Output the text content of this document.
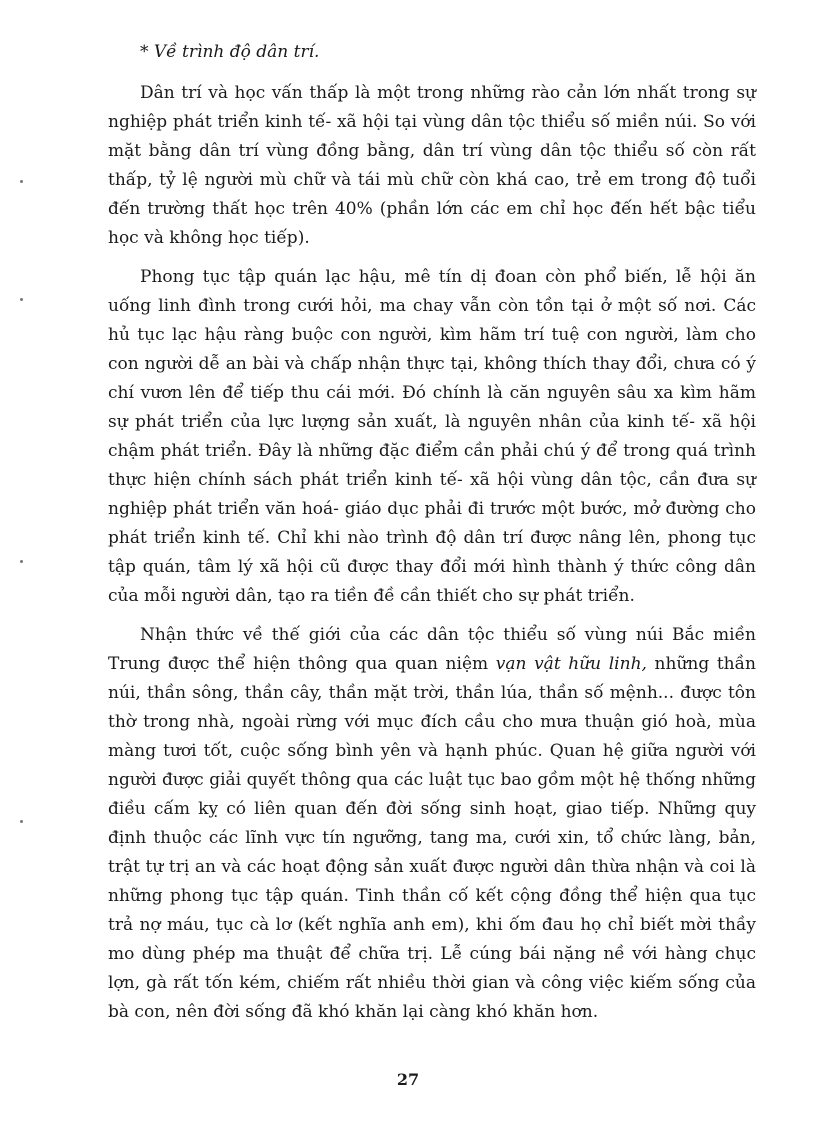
* Về trình độ dân trí.

Dân trí và học vấn thấp là một trong những rào cản lớn nhất trong sự nghiệp phát triển kinh tế- xã hội tại vùng dân tộc thiểu số miền núi. So với mặt bằng dân trí vùng đồng bằng, dân trí vùng dân tộc thiểu số còn rất thấp, tỷ lệ người mù chữ và tái mù chữ còn khá cao, trẻ em trong độ tuổi đến trường thất học trên 40% (phần lớn các em chỉ học đến hết bậc tiểu học và không học tiếp).

Phong tục tập quán lạc hậu, mê tín dị đoan còn phổ biến, lễ hội ăn uống linh đình trong cưới hỏi, ma chay vẫn còn tồn tại ở một số nơi. Các hủ tục lạc hậu ràng buộc con người, kìm hãm trí tuệ con người, làm cho con người dễ an bài và chấp nhận thực tại, không thích thay đổi, chưa có ý chí vươn lên để tiếp thu cái mới. Đó chính là căn nguyên sâu xa kìm hãm sự phát triển của lực lượng sản xuất, là nguyên nhân của kinh tế- xã hội chậm phát triển. Đây là những đặc điểm cần phải chú ý để trong quá trình thực hiện chính sách phát triển kinh tế- xã hội vùng dân tộc, cần đưa sự nghiệp phát triển văn hoá- giáo dục phải đi trước một bước, mở đường cho phát triển kinh tế. Chỉ khi nào trình độ dân trí được nâng lên, phong tục tập quán, tâm lý xã hội cũ được thay đổi mới hình thành ý thức công dân của mỗi người dân, tạo ra tiền đề cần thiết cho sự phát triển.

Nhận thức về thế giới của các dân tộc thiểu số vùng núi Bắc miền Trung được thể hiện thông qua quan niệm vạn vật hữu linh, những thần núi, thần sông, thần cây, thần mặt trời, thần lúa, thần số mệnh... được tôn thờ trong nhà, ngoài rừng với mục đích cầu cho mưa thuận gió hoà, mùa màng tươi tốt, cuộc sống bình yên và hạnh phúc. Quan hệ giữa người với người được giải quyết thông qua các luật tục bao gồm một hệ thống những điều cấm kỵ có liên quan đến đời sống sinh hoạt, giao tiếp. Những quy định thuộc các lĩnh vực tín ngưỡng, tang ma, cưới xin, tổ chức làng, bản, trật tự trị an và các hoạt động sản xuất được người dân thừa nhận và coi là những phong tục tập quán. Tinh thần cố kết cộng đồng thể hiện qua tục trả nợ máu, tục cà lơ (kết nghĩa anh em), khi ốm đau họ chỉ biết mời thầy mo dùng phép ma thuật để chữa trị. Lễ cúng bái nặng nề với hàng chục lợn, gà rất tốn kém, chiếm rất nhiều thời gian và công việc kiếm sống của bà con, nên đời sống đã khó khăn lại càng khó khăn hơn.

27
